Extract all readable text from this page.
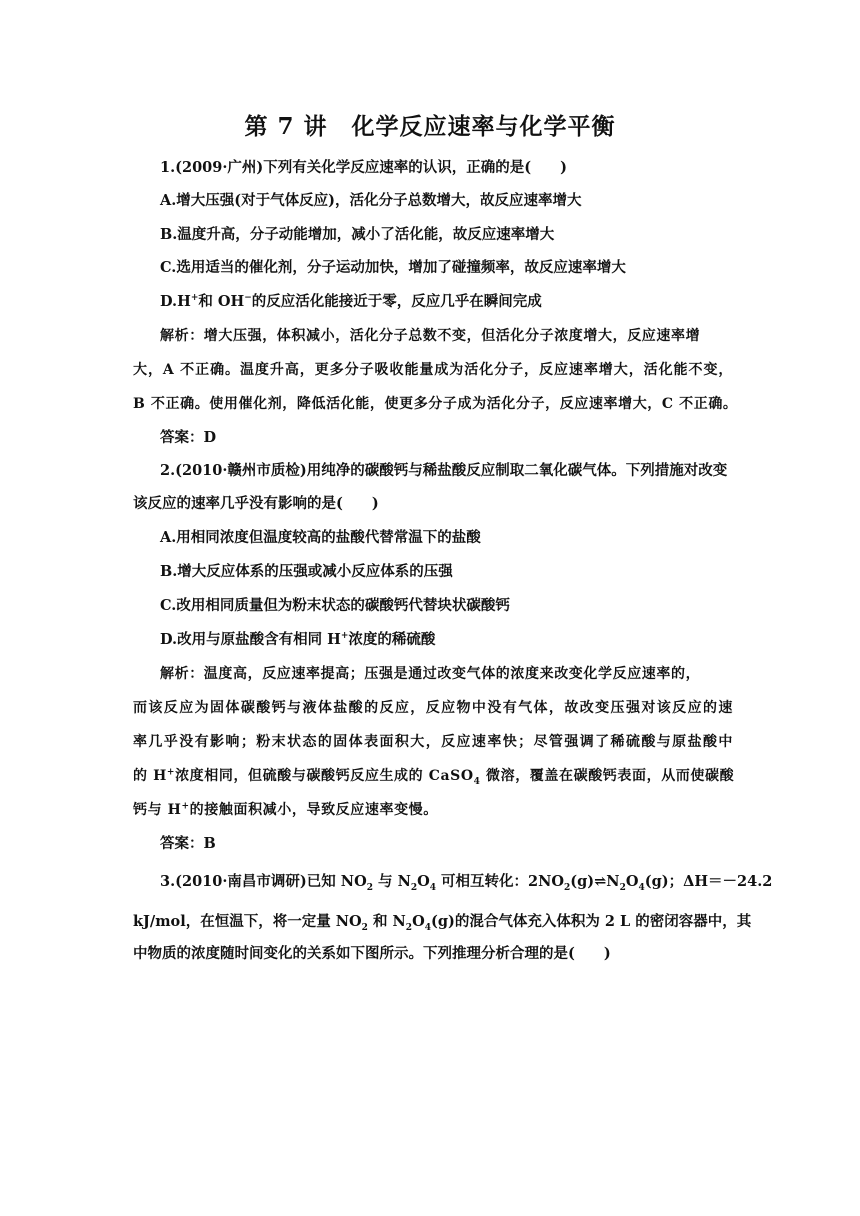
第 7 讲　化学反应速率与化学平衡
1.(2009·广州)下列有关化学反应速率的认识，正确的是(　　)
A.增大压强(对于气体反应)，活化分子总数增大，故反应速率增大
B.温度升高，分子动能增加，减小了活化能，故反应速率增大
C.选用适当的催化剂，分子运动加快，增加了碰撞频率，故反应速率增大
D.H+和 OH−的反应活化能接近于零，反应几乎在瞬间完成
解析：增大压强，体积减小，活化分子总数不变，但活化分子浓度增大，反应速率增
大，A 不正确。温度升高，更多分子吸收能量成为活化分子，反应速率增大，活化能不变，
B 不正确。使用催化剂，降低活化能，使更多分子成为活化分子，反应速率增大，C 不正确。
答案：D
2.(2010·赣州市质检)用纯净的碳酸钙与稀盐酸反应制取二氧化碳气体。下列措施对改变
该反应的速率几乎没有影响的是(　　)
A.用相同浓度但温度较高的盐酸代替常温下的盐酸
B.增大反应体系的压强或减小反应体系的压强
C.改用相同质量但为粉末状态的碳酸钙代替块状碳酸钙
D.改用与原盐酸含有相同 H+浓度的稀硫酸
解析：温度高，反应速率提高；压强是通过改变气体的浓度来改变化学反应速率的，
而该反应为固体碳酸钙与液体盐酸的反应，反应物中没有气体，故改变压强对该反应的速
率几乎没有影响；粉末状态的固体表面积大，反应速率快；尽管强调了稀硫酸与原盐酸中
的 H+浓度相同，但硫酸与碳酸钙反应生成的 CaSO$_4$ 微溶，覆盖在碳酸钙表面，从而使碳酸
钙与 H+的接触面积减小，导致反应速率变慢。
答案：B
3.(2010·南昌市调研)已知 $NO_2$ 与 $N_2O_4$ 可相互转化：$2NO_2(g)\rightleftharpoons N_2O_4(g)$；ΔH＝－24.2
kJ/mol，在恒温下，将一定量 $NO_2$ 和 $N_2O_4(g)$的混合气体充入体积为 2 L 的密闭容器中，其
中物质的浓度随时间变化的关系如下图所示。下列推理分析合理的是(　　)
